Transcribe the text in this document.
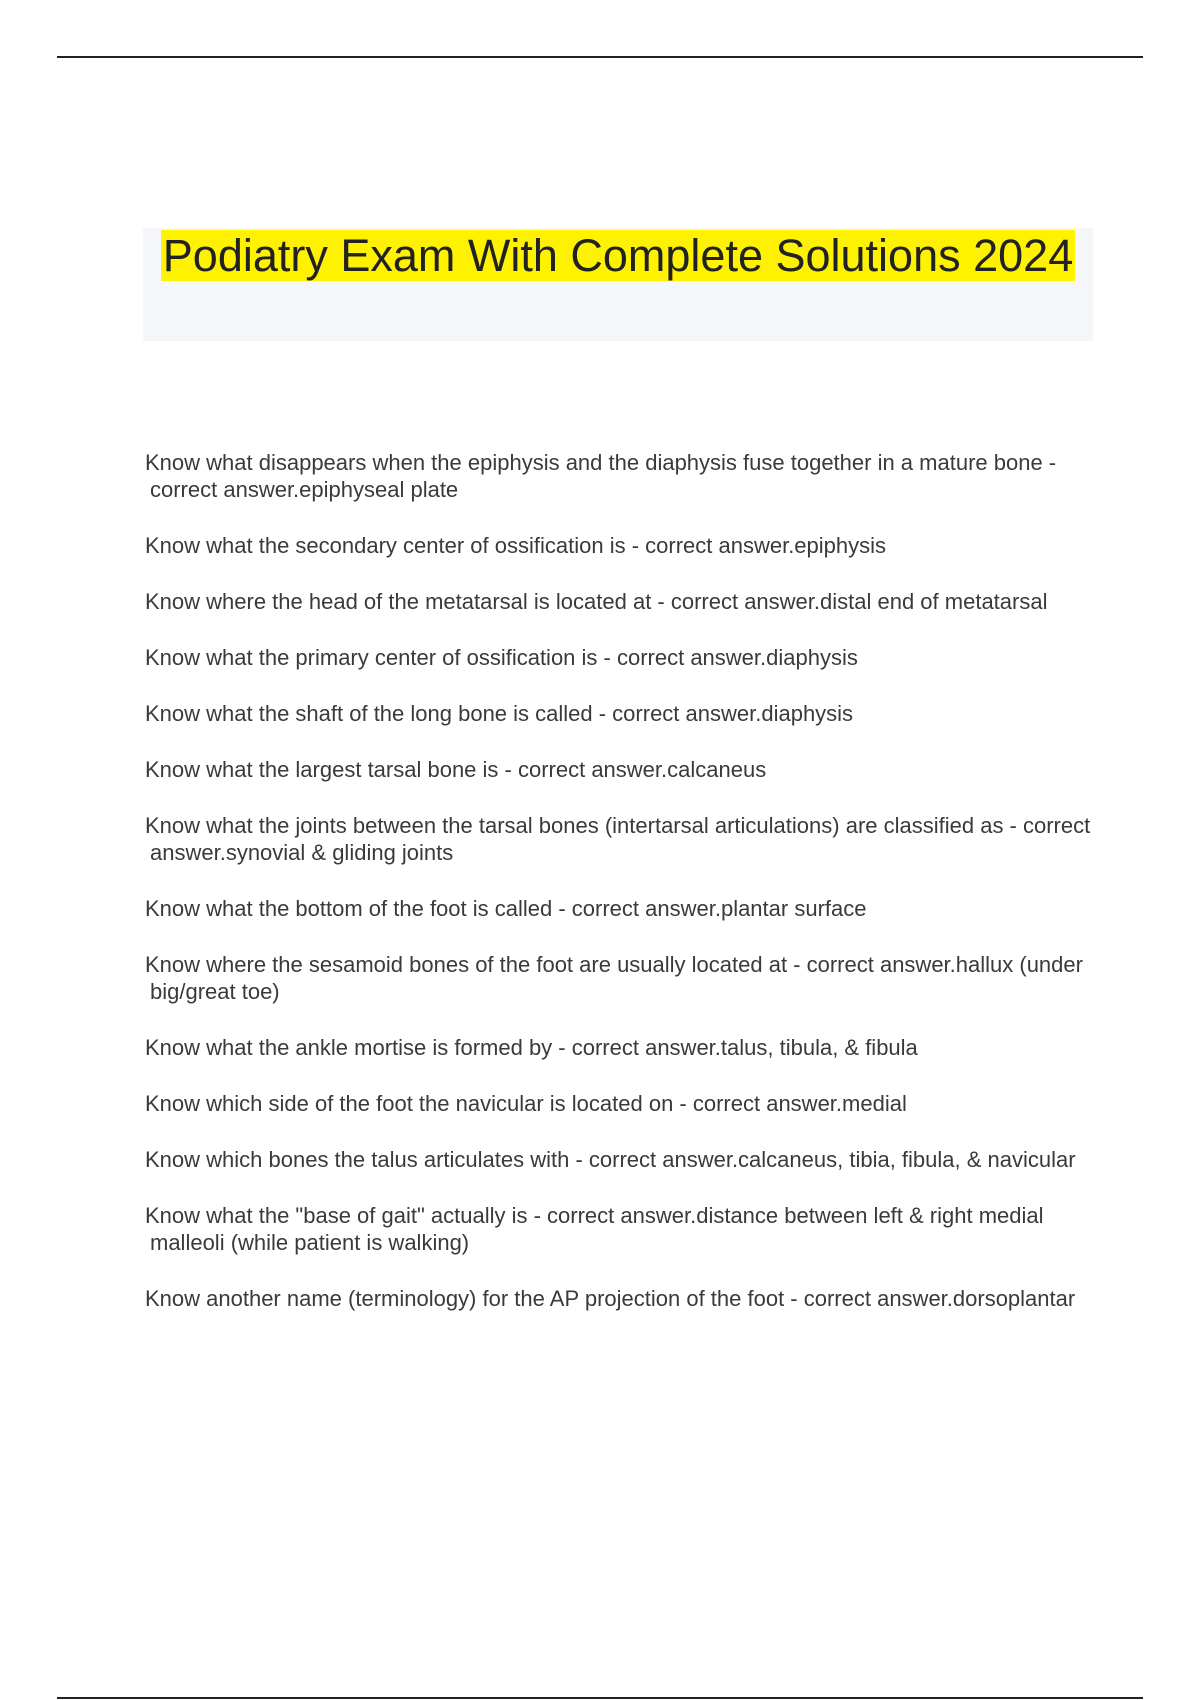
Podiatry Exam With Complete Solutions 2024
Know what disappears when the epiphysis and the diaphysis fuse together in a mature bone - correct answer.epiphyseal plate
Know what the secondary center of ossification is - correct answer.epiphysis
Know where the head of the metatarsal is located at - correct answer.distal end of metatarsal
Know what the primary center of ossification is - correct answer.diaphysis
Know what the shaft of the long bone is called - correct answer.diaphysis
Know what the largest tarsal bone is - correct answer.calcaneus
Know what the joints between the tarsal bones (intertarsal articulations) are classified as - correct answer.synovial & gliding joints
Know what the bottom of the foot is called - correct answer.plantar surface
Know where the sesamoid bones of the foot are usually located at - correct answer.hallux (under big/great toe)
Know what the ankle mortise is formed by - correct answer.talus, tibula, & fibula
Know which side of the foot the navicular is located on - correct answer.medial
Know which bones the talus articulates with - correct answer.calcaneus, tibia, fibula, & navicular
Know what the "base of gait" actually is - correct answer.distance between left & right medial malleoli (while patient is walking)
Know another name (terminology) for the AP projection of the foot - correct answer.dorsoplantar
